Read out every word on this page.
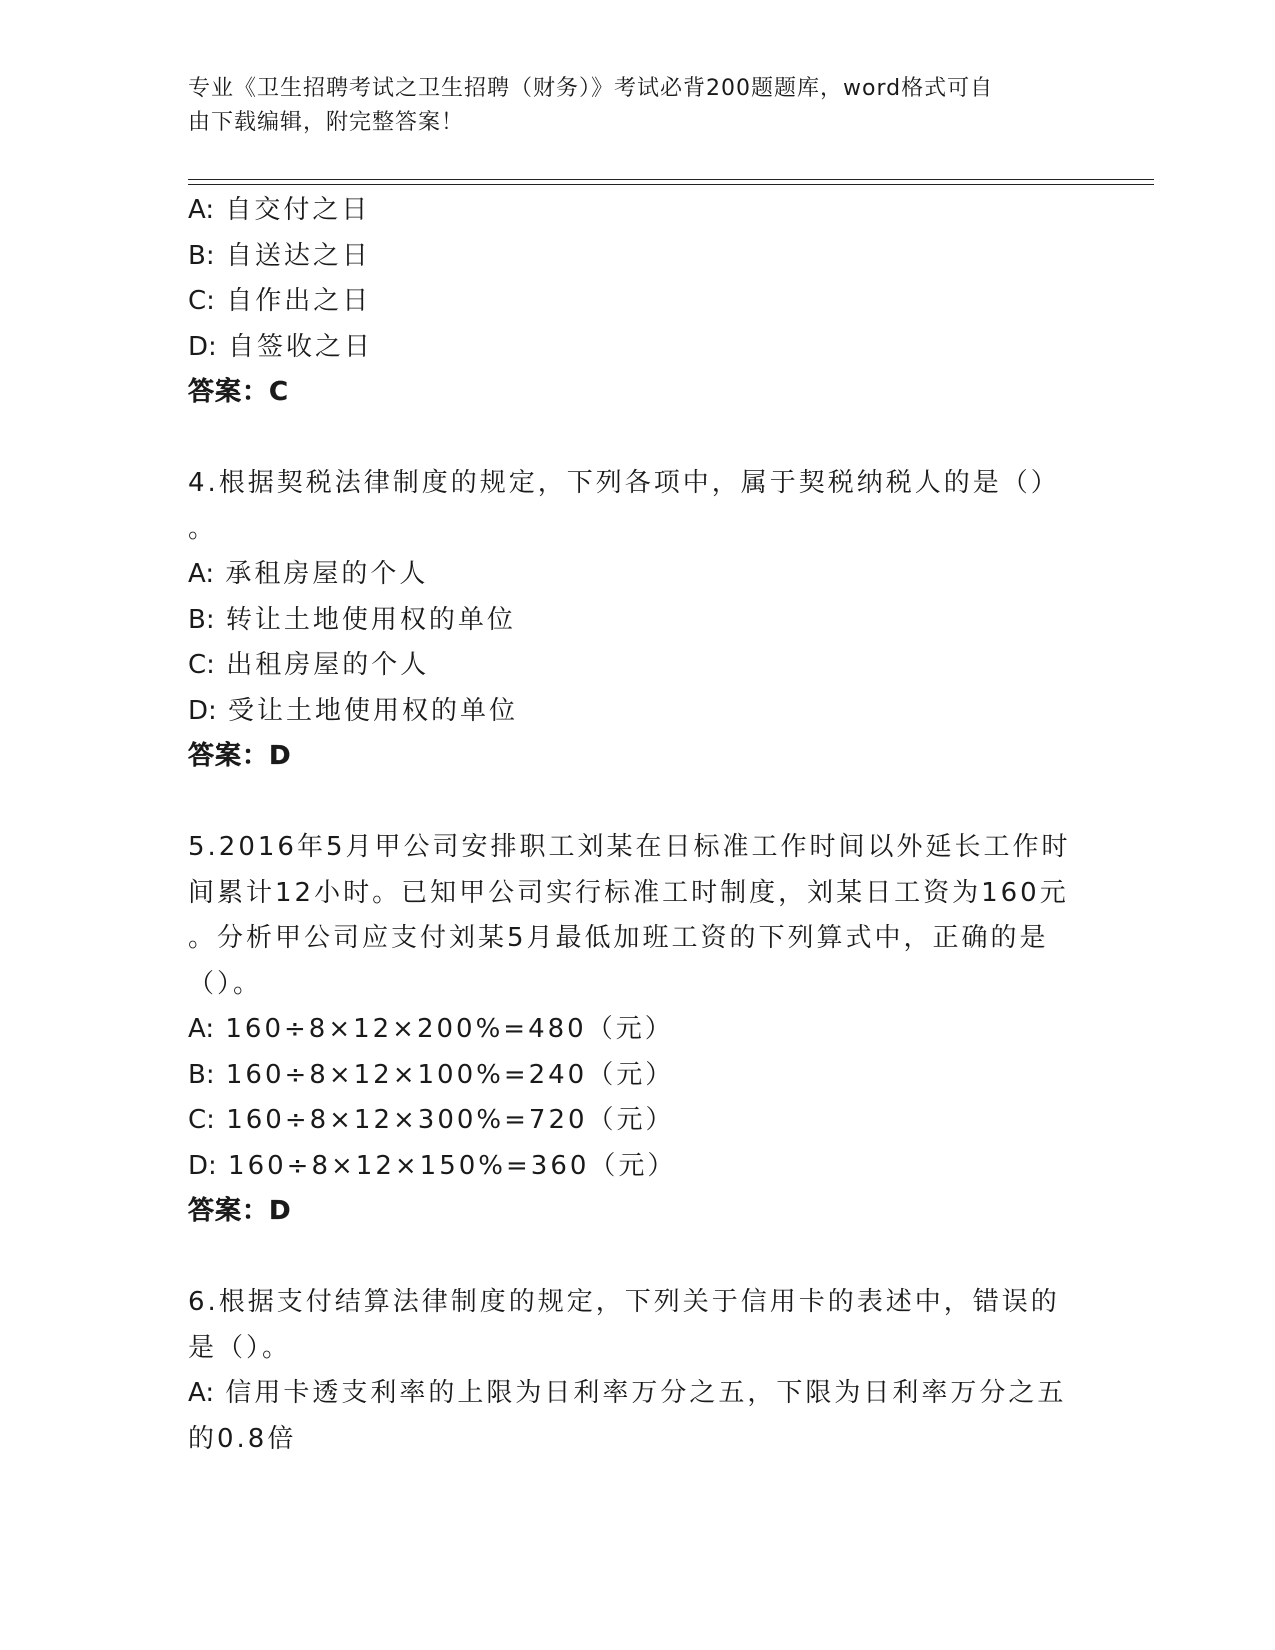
专业《卫生招聘考试之卫生招聘（财务）》考试必背200题题库，word格式可自
由下载编辑，附完整答案！
A: 自交付之日
B: 自送达之日
C: 自作出之日
D: 自签收之日
答案：C
4.根据契税法律制度的规定，下列各项中，属于契税纳税人的是（）
。
A: 承租房屋的个人
B: 转让土地使用权的单位
C: 出租房屋的个人
D: 受让土地使用权的单位
答案：D
5.2016年5月甲公司安排职工刘某在日标准工作时间以外延长工作时
间累计12小时。已知甲公司实行标准工时制度，刘某日工资为160元
。分析甲公司应支付刘某5月最低加班工资的下列算式中，正确的是
（）。
A: 160÷8×12×200%=480（元）
B: 160÷8×12×100%=240（元）
C: 160÷8×12×300%=720（元）
D: 160÷8×12×150%=360（元）
答案：D
6.根据支付结算法律制度的规定，下列关于信用卡的表述中，错误的
是（）。
A: 信用卡透支利率的上限为日利率万分之五，下限为日利率万分之五
的0.8倍
